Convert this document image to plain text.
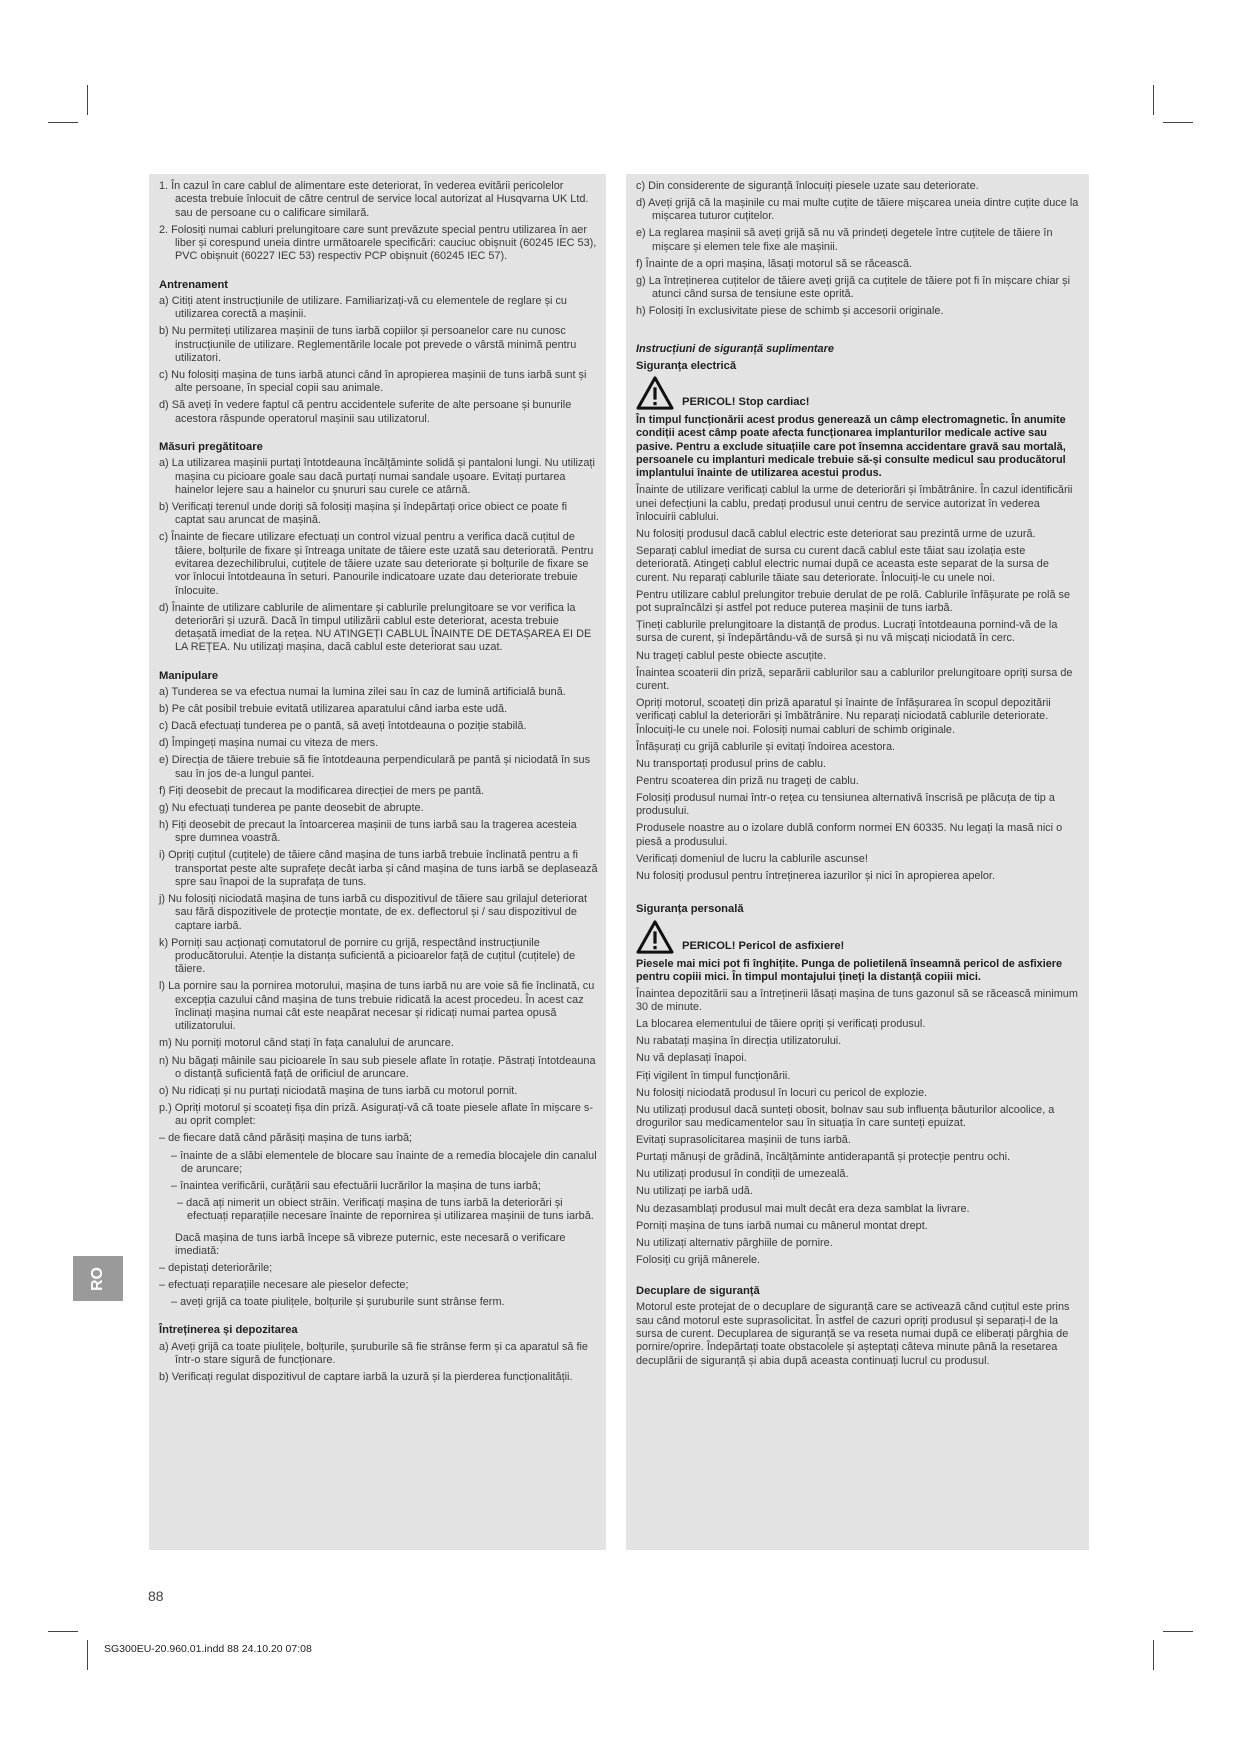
RO

1. În cazul în care cablul de alimentare este deteriorat, în vederea evitării pericolelor acesta trebuie înlocuit de către centrul de service local autorizat al Husqvarna UK Ltd. sau de persoane cu o calificare similară.

2. Folosiți numai cabluri prelungitoare care sunt prevăzute special pentru utilizarea în aer liber și corespund uneia dintre următoarele specificări: cauciuc obișnuit (60245 IEC 53), PVC obișnuit (60227 IEC 53) respectiv PCP obișnuit (60245 IEC 57).

Antrenament

a) Citiți atent instrucțiunile de utilizare. Familiarizați-vă cu elementele de reglare și cu utilizarea corectă a mașinii.

b) Nu permiteți utilizarea mașinii de tuns iarbă copiilor și persoanelor care nu cunosc instrucțiunile de utilizare. Reglementările locale pot prevede o vârstă minimă pentru utilizatori.

c) Nu folosiți mașina de tuns iarbă atunci când în apropierea mașinii de tuns iarbă sunt și alte persoane, în special copii sau animale.

d) Să aveți în vedere faptul că pentru accidentele suferite de alte persoane și bunurile acestora răspunde operatorul mașinii sau utilizatorul.

Măsuri pregătitoare

a) La utilizarea mașinii purtați întotdeauna încălțăminte solidă și pantaloni lungi. Nu utilizați mașina cu picioare goale sau dacă purtați numai sandale ușoare. Evitați purtarea hainelor lejere sau a hainelor cu șnururi sau curele ce atârnă.

b) Verificați terenul unde doriți să folosiți mașina și îndepărtați orice obiect ce poate fi captat sau aruncat de mașină.

c) Înainte de fiecare utilizare efectuați un control vizual pentru a verifica dacă cuțitul de tăiere, bolțurile de fixare și întreaga unitate de tăiere este uzată sau deteriorată. Pentru evitarea dezechilibrului, cuțitele de tăiere uzate sau deteriorate și bolțurile de fixare se vor înlocui întotdeauna în seturi. Panourile indicatoare uzate dau deteriorate trebuie înlocuite.

d) Înainte de utilizare cablurile de alimentare și cablurile prelungitoare se vor verifica la deteriorări și uzură. Dacă în timpul utilizării cablul este deteriorat, acesta trebuie detașată imediat de la rețea. NU ATINGEȚI CABLUL ÎNAINTE DE DETAȘAREA EI DE LA REȚEA. Nu utilizați mașina, dacă cablul este deteriorat sau uzat.

Manipulare

a) Tunderea se va efectua numai la lumina zilei sau în caz de lumină artificială bună.

b) Pe cât posibil trebuie evitată utilizarea aparatului când iarba este udă.

c) Dacă efectuați tunderea pe o pantă, să aveți întotdeauna o poziție stabilă.

d) Împingeți mașina numai cu viteza de mers.

e) Direcția de tăiere trebuie să fie întotdeauna perpendiculară pe pantă și niciodată în sus sau în jos de-a lungul pantei.

f) Fiți deosebit de precaut la modificarea direcției de mers pe pantă.

g) Nu efectuați tunderea pe pante deosebit de abrupte.

h) Fiți deosebit de precaut la întoarcerea mașinii de tuns iarbă sau la tragerea acesteia spre dumnea voastră.

i) Opriți cuțitul (cuțitele) de tăiere când mașina de tuns iarbă trebuie înclinată pentru a fi transportat peste alte suprafețe decât iarba și când mașina de tuns iarbă se deplasează spre sau înapoi de la suprafața de tuns.

j) Nu folosiți niciodată mașina de tuns iarbă cu dispozitivul de tăiere sau grilajul deteriorat sau fără dispozitivele de protecție montate, de ex. deflectorul și / sau dispozitivul de captare iarbă.

k) Porniți sau acționați comutatorul de pornire cu grijă, respectând instrucțiunile producătorului. Atenție la distanța suficientă a picioarelor față de cuțitul (cuțitele) de tăiere.

l) La pornire sau la pornirea motorului, mașina de tuns iarbă nu are voie să fie înclinată, cu excepția cazului când mașina de tuns trebuie ridicată la acest procedeu. În acest caz înclinați mașina numai cât este neapărat necesar și ridicați numai partea opusă utilizatorului.

m) Nu porniți motorul când stați în fața canalului de aruncare.

n) Nu băgați mâinile sau picioarele în sau sub piesele aflate în rotație. Păstrați întotdeauna o distanță suficientă față de orificiul de aruncare.

o) Nu ridicați și nu purtați niciodată mașina de tuns iarbă cu motorul pornit.

p.) Opriți motorul și scoateți fișa din priză. Asigurați-vă că toate piesele aflate în mișcare s-au oprit complet:

– de fiecare dată când părăsiți mașina de tuns iarbă;

– înainte de a slăbi elementele de blocare sau înainte de a remedia blocajele din canalul de aruncare;

– înaintea verificării, curățării sau efectuării lucrărilor la mașina de tuns iarbă;

– dacă ați nimerit un obiect străin. Verificați mașina de tuns iarbă la deteriorări și efectuați reparațiile necesare înainte de repornirea și utilizarea mașinii de tuns iarbă.

Dacă mașina de tuns iarbă începe să vibreze puternic, este necesară o verificare imediată:

– depistați deteriorările;

– efectuați reparațiile necesare ale pieselor defecte;

– aveți grijă ca toate piulițele, bolțurile și șuruburile sunt strânse ferm.

Întreținerea și depozitarea

a) Aveți grijă ca toate piulițele, bolțurile, șuruburile să fie strânse ferm și ca aparatul să fie într-o stare sigură de funcționare.

b) Verificați regulat dispozitivul de captare iarbă la uzură și la pierderea funcționalității.

c) Din considerente de siguranță înlocuiți piesele uzate sau deteriorate.

d) Aveți grijă că la mașinile cu mai multe cuțite de tăiere mișcarea uneia dintre cuțite duce la mișcarea tuturor cuțitelor.

e) La reglarea mașinii să aveți grijă să nu vă prindeți degetele între cuțitele de tăiere în mișcare și elemen tele fixe ale mașinii.

f) Înainte de a opri mașina, lăsați motorul să se răcească.

g) La întreținerea cuțitelor de tăiere aveți grijă ca cuțitele de tăiere pot fi în mișcare chiar și atunci când sursa de tensiune este oprită.

h) Folosiți în exclusivitate piese de schimb și accesorii originale.

Instrucțiuni de siguranță suplimentare

Siguranța electrică
PERICOL! Stop cardiac!

În timpul funcționării acest produs generează un câmp electromagnetic. În anumite condiții acest câmp poate afecta funcționarea implanturilor medicale active sau pasive. Pentru a exclude situațiile care pot însemna accidentare gravă sau mortală, persoanele cu implanturi medicale trebuie să-și consulte medicul sau producătorul implantului înainte de utilizarea acestui produs.

Înainte de utilizare verificați cablul la urme de deteriorări și îmbătrânire. În cazul identificării unei defecțiuni la cablu, predați produsul unui centru de service autorizat în vederea înlocuirii cablului.

Nu folosiți produsul dacă cablul electric este deteriorat sau prezintă urme de uzură.

Separați cablul imediat de sursa cu curent dacă cablul este tăiat sau izolația este deteriorată. Atingeți cablul electric numai după ce aceasta este separat de la sursa de curent. Nu reparați cablurile tăiate sau deteriorate. Înlocuiți-le cu unele noi.

Pentru utilizare cablul prelungitor trebuie derulat de pe rolă. Cablurile înfășurate pe rolă se pot supraîncălzi și astfel pot reduce puterea mașinii de tuns iarbă.

Țineți cablurile prelungitoare la distanță de produs. Lucrați întotdeauna pornind-vă de la sursa de curent, și îndepărtându-vă de sursă și nu vă mișcați niciodată în cerc.

Nu trageți cablul peste obiecte ascuțite.

Înaintea scoaterii din priză, separării cablurilor sau a cablurilor prelungitoare opriți sursa de curent.

Opriți motorul, scoateți din priză aparatul și înainte de înfășurarea în scopul depozitării verificați cablul la deteriorări și îmbătrânire. Nu reparați niciodată cablurile deteriorate. Înlocuiți-le cu unele noi. Folosiți numai cabluri de schimb originale.

Înfășurați cu grijă cablurile și evitați îndoirea acestora.

Nu transportați produsul prins de cablu.

Pentru scoaterea din priză nu trageți de cablu.

Folosiți produsul numai într-o rețea cu tensiunea alternativă înscrisă pe plăcuța de tip a produsului.

Produsele noastre au o izolare dublă conform normei EN 60335. Nu legați la masă nici o piesă a produsului.

Verificați domeniul de lucru la cablurile ascunse!

Nu folosiți produsul pentru întreținerea iazurilor și nici în apropierea apelor.

Siguranța personală
PERICOL! Pericol de asfixiere!

Piesele mai mici pot fi înghițite. Punga de polietilenă înseamnă pericol de asfixiere pentru copiii mici. În timpul montajului țineți la distanță copiii mici.

Înaintea depozitării sau a întreținerii lăsați mașina de tuns gazonul să se răcească minimum 30 de minute.

La blocarea elementului de tăiere opriți și verificați produsul.

Nu rabatați mașina în direcția utilizatorului.

Nu vă deplasați înapoi.

Fiți vigilent în timpul funcționării.

Nu folosiți niciodată produsul în locuri cu pericol de explozie.

Nu utilizați produsul dacă sunteți obosit, bolnav sau sub influența băuturilor alcoolice, a drogurilor sau medicamentelor sau în situația în care sunteți epuizat.

Evitați suprasolicitarea mașinii de tuns iarbă.

Purtați mănuși de grădină, încălțăminte antiderapantă și protecție pentru ochi.

Nu utilizați produsul în condiții de umezeală.

Nu utilizați pe iarbă udă.

Nu dezasamblați produsul mai mult decât era deza samblat la livrare.

Porniți mașina de tuns iarbă numai cu mânerul montat drept.

Nu utilizați alternativ pârghiile de pornire.

Folosiți cu grijă mânerele.

Decuplare de siguranță

Motorul este protejat de o decuplare de siguranță care se activează când cuțitul este prins sau când motorul este suprasolicitat. În astfel de cazuri opriți produsul și separați-l de la sursa de curent. Decuplarea de siguranță se va reseta numai după ce eliberați pârghia de pornire/oprire. Îndepărtați toate obstacolele și așteptați câteva minute până la resetarea decuplării de siguranță și abia după aceasta continuați lucrul cu produsul.

88
SG300EU-20.960.01.indd 88 24.10.20 07:08
